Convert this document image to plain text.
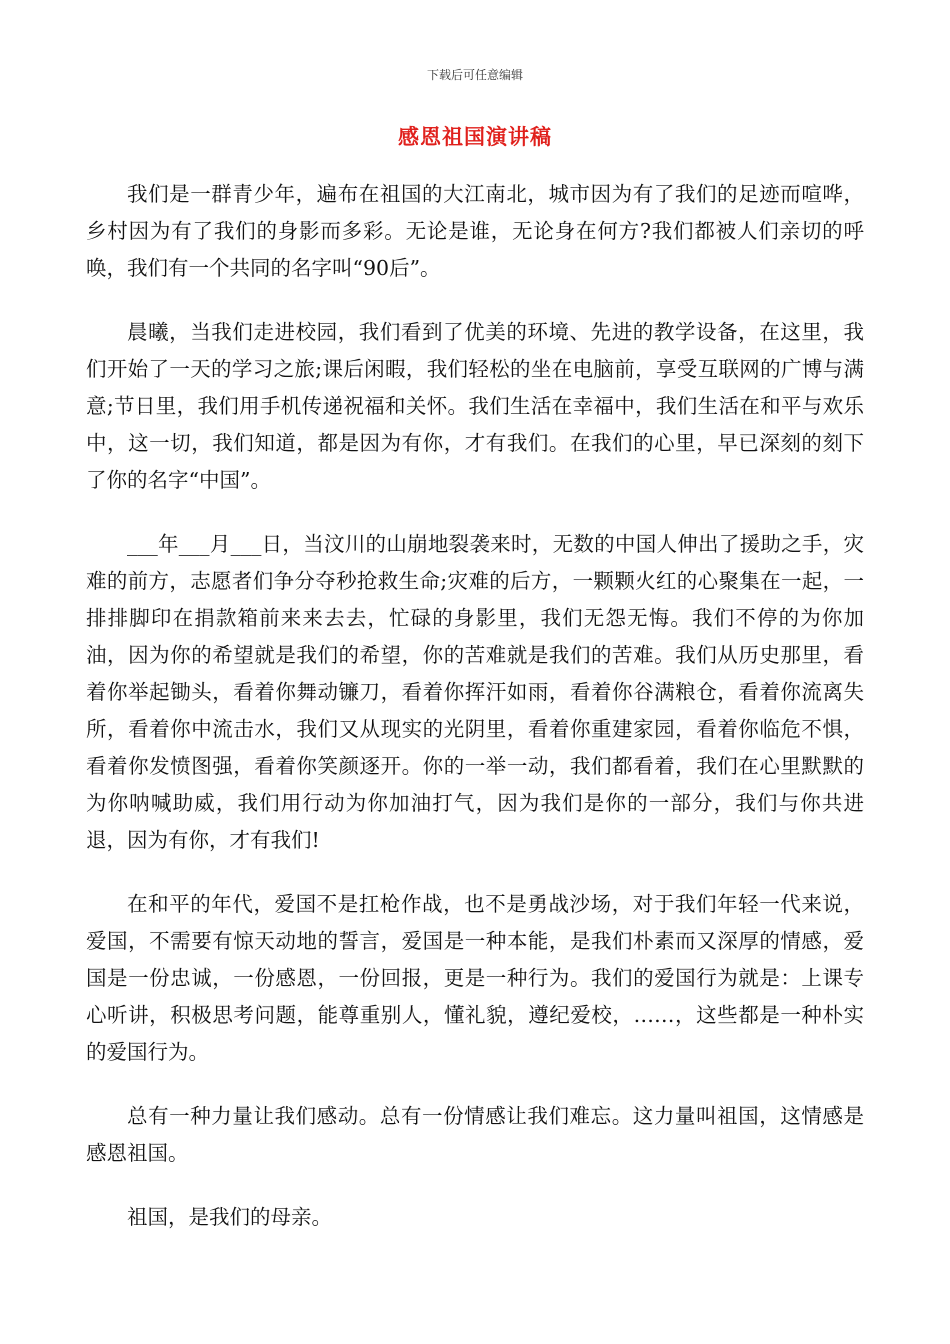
下载后可任意编辑
感恩祖国演讲稿

我们是一群青少年，遍布在祖国的大江南北，城市因为有了我们的足迹而喧哗，乡村因为有了我们的身影而多彩。无论是谁，无论身在何方?我们都被人们亲切的呼唤，我们有一个共同的名字叫“90后”。

晨曦，当我们走进校园，我们看到了优美的环境、先进的教学设备，在这里，我们开始了一天的学习之旅;课后闲暇，我们轻松的坐在电脑前，享受互联网的广博与满意;节日里，我们用手机传递祝福和关怀。我们生活在幸福中，我们生活在和平与欢乐中，这一切，我们知道，都是因为有你，才有我们。在我们的心里，早已深刻的刻下了你的名字“中国”。

___年___月___日，当汶川的山崩地裂袭来时，无数的中国人伸出了援助之手，灾难的前方，志愿者们争分夺秒抢救生命;灾难的后方，一颗颗火红的心聚集在一起，一排排脚印在捐款箱前来来去去，忙碌的身影里，我们无怨无悔。我们不停的为你加油，因为你的希望就是我们的希望，你的苦难就是我们的苦难。我们从历史那里，看着你举起锄头，看着你舞动镰刀，看着你挥汗如雨，看着你谷满粮仓，看着你流离失所，看着你中流击水，我们又从现实的光阴里，看着你重建家园，看着你临危不惧，看着你发愤图强，看着你笑颜逐开。你的一举一动，我们都看着，我们在心里默默的为你呐喊助威，我们用行动为你加油打气，因为我们是你的一部分，我们与你共进退，因为有你，才有我们!

在和平的年代，爱国不是扛枪作战，也不是勇战沙场，对于我们年轻一代来说，爱国，不需要有惊天动地的誓言，爱国是一种本能，是我们朴素而又深厚的情感，爱国是一份忠诚，一份感恩，一份回报，更是一种行为。我们的爱国行为就是：上课专心听讲，积极思考问题，能尊重别人，懂礼貌，遵纪爱校，……，这些都是一种朴实的爱国行为。

总有一种力量让我们感动。总有一份情感让我们难忘。这力量叫祖国，这情感是感恩祖国。

祖国，是我们的母亲。
